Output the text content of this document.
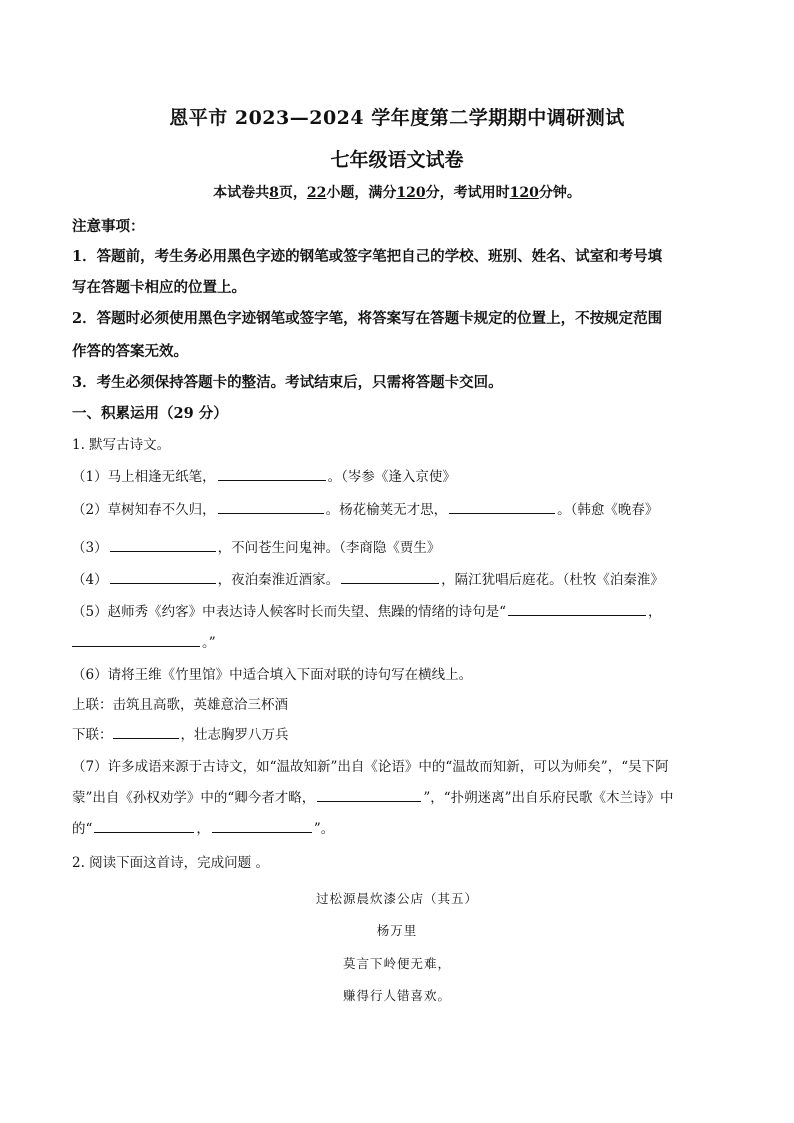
恩平市 2023—2024 学年度第二学期期中调研测试
七年级语文试卷
本试卷共8页，22小题，满分120分，考试用时120分钟。
注意事项：
1．答题前，考生务必用黑色字迹的钢笔或签字笔把自己的学校、班别、姓名、试室和考号填
写在答题卡相应的位置上。
2．答题时必须使用黑色字迹钢笔或签字笔，将答案写在答题卡规定的位置上，不按规定范围
作答的答案无效。
3．考生必须保持答题卡的整洁。考试结束后，只需将答题卡交回。
一、积累运用（29 分）
1. 默写古诗文。
（1）马上相逢无纸笔，	。（岑参《逢入京使》
（2）草树知春不久归，	。杨花榆荚无才思，	。（韩愈《晚春》
（3）	，不问苍生问鬼神。（李商隐《贾生》
（4）	，夜泊秦淮近酒家。	，隔江犹唱后庭花。（杜牧《泊秦淮》
（5）赵师秀《约客》中表达诗人候客时长而失望、焦躁的情绪的诗句是“	，
。”
（6）请将王维《竹里馆》中适合填入下面对联的诗句写在横线上。
上联：击筑且高歌，英雄意洽三杯酒
下联：	，壮志胸罗八万兵
（7）许多成语来源于古诗文，如“温故知新”出自《论语》中的“温故而知新，可以为师矣”，“吴下阿
蒙”出自《孙权劝学》中的“卿今者才略，	”，“扑朔迷离”出自乐府民歌《木兰诗》中
的“	，	”。
2. 阅读下面这首诗，完成问题 。
过松源晨炊漆公店（其五）
杨万里
莫言下岭便无难，
赚得行人错喜欢。
